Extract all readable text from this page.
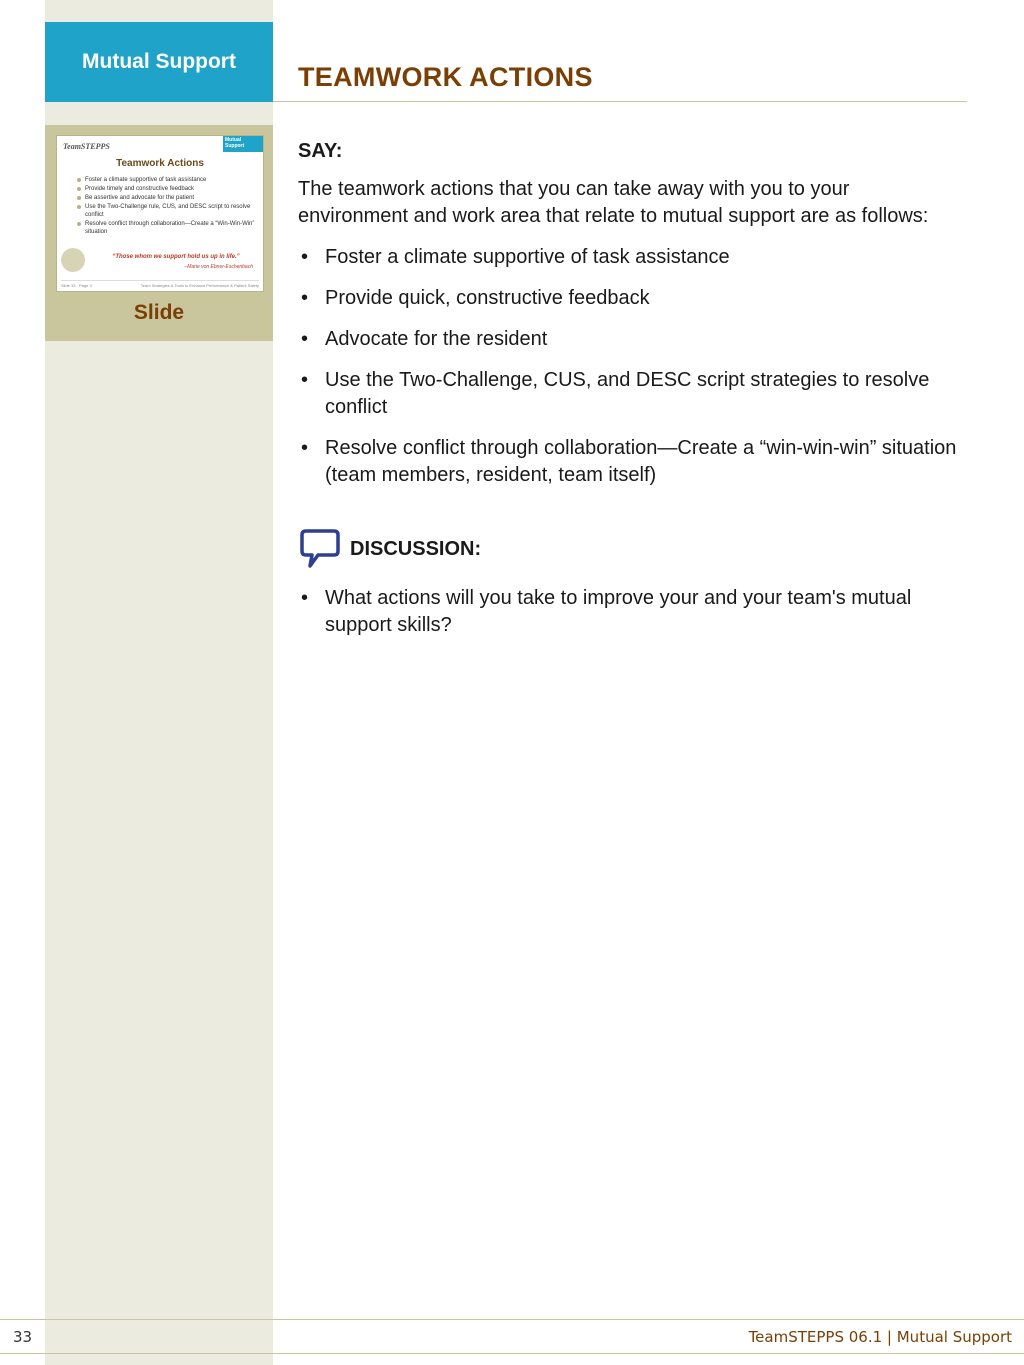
Mutual Support
TeamSTEPPS
Mutual Support
Teamwork Actions
Foster a climate supportive of task assistance
Provide timely and constructive feedback
Be assertive and advocate for the patient
Use the Two-Challenge rule, CUS, and DESC script to resolve conflict
Resolve conflict through collaboration—Create a “Win-Win-Win” situation
“Those whom we support hold us up in life.”
–Marie von Ebner-Eschenbach
Slide 33 · Page 3	Team Strategies & Tools to Enhance Performance & Patient Safety
Slide
TEAMWORK ACTIONS

SAY:

The teamwork actions that you can take away with you to your environment and work area that relate to mutual support are as follows:

• Foster a climate supportive of task assistance
• Provide quick, constructive feedback
• Advocate for the resident
• Use the Two-Challenge, CUS, and DESC script strategies to resolve conflict
• Resolve conflict through collaboration—Create a “win-win-win” situation (team members, resident, team itself)
DISCUSSION:
• What actions will you take to improve your and your team's mutual support skills?
33	TeamSTEPPS 06.1 | Mutual Support
